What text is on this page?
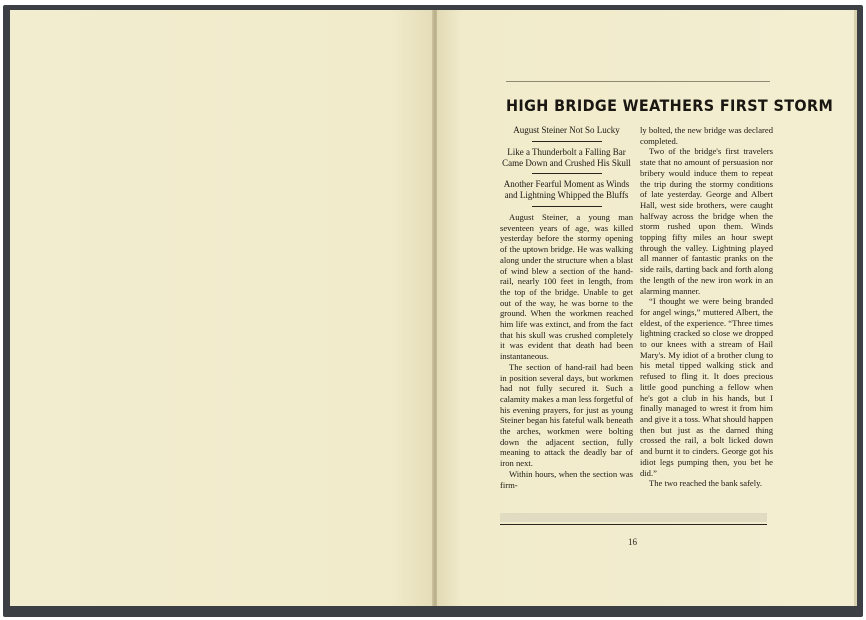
HIGH BRIDGE WEATHERS FIRST STORM

August Steiner Not So Lucky

Like a Thunderbolt a Falling Bar Came Down and Crushed His Skull

Another Fearful Moment as Winds and Lightning Whipped the Bluffs

August Steiner, a young man seventeen years of age, was killed yesterday before the stormy opening of the uptown bridge. He was walking along under the structure when a blast of wind blew a section of the hand-rail, nearly 100 feet in length, from the top of the bridge. Unable to get out of the way, he was borne to the ground. When the workmen reached him life was extinct, and from the fact that his skull was crushed completely it was evident that death had been instantaneous.

The section of hand-rail had been in position several days, but workmen had not fully secured it. Such a calamity makes a man less forgetful of his evening prayers, for just as young Steiner began his fateful walk beneath the arches, workmen were bolting down the adjacent section, fully meaning to attack the deadly bar of iron next.

Within hours, when the section was firm-

ly bolted, the new bridge was declared completed.

Two of the bridge's first travelers state that no amount of persuasion nor bribery would induce them to repeat the trip during the stormy conditions of late yesterday. George and Albert Hall, west side brothers, were caught halfway across the bridge when the storm rushed upon them. Winds topping fifty miles an hour swept through the valley. Lightning played all manner of fantastic pranks on the side rails, darting back and forth along the length of the new iron work in an alarming manner.

“I thought we were being branded for angel wings,” muttered Albert, the eldest, of the experience. “Three times lightning cracked so close we dropped to our knees with a stream of Hail Mary's. My idiot of a brother clung to his metal tipped walking stick and refused to fling it. It does precious little good punching a fellow when he's got a club in his hands, but I finally managed to wrest it from him and give it a toss. What should happen then but just as the darned thing crossed the rail, a bolt licked down and burnt it to cinders. George got his idiot legs pumping then, you bet he did.”

The two reached the bank safely.

16
